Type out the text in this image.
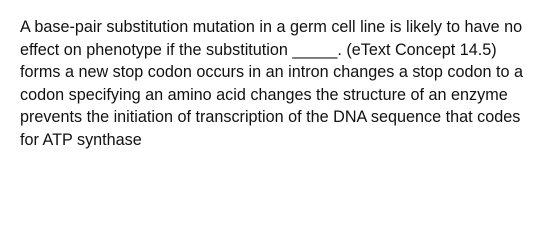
A base-pair substitution mutation in a germ cell line is likely to have no effect on phenotype if the substitution _____. (eText Concept 14.5) forms a new stop codon occurs in an intron changes a stop codon to a codon specifying an amino acid changes the structure of an enzyme prevents the initiation of transcription of the DNA sequence that codes for ATP synthase
